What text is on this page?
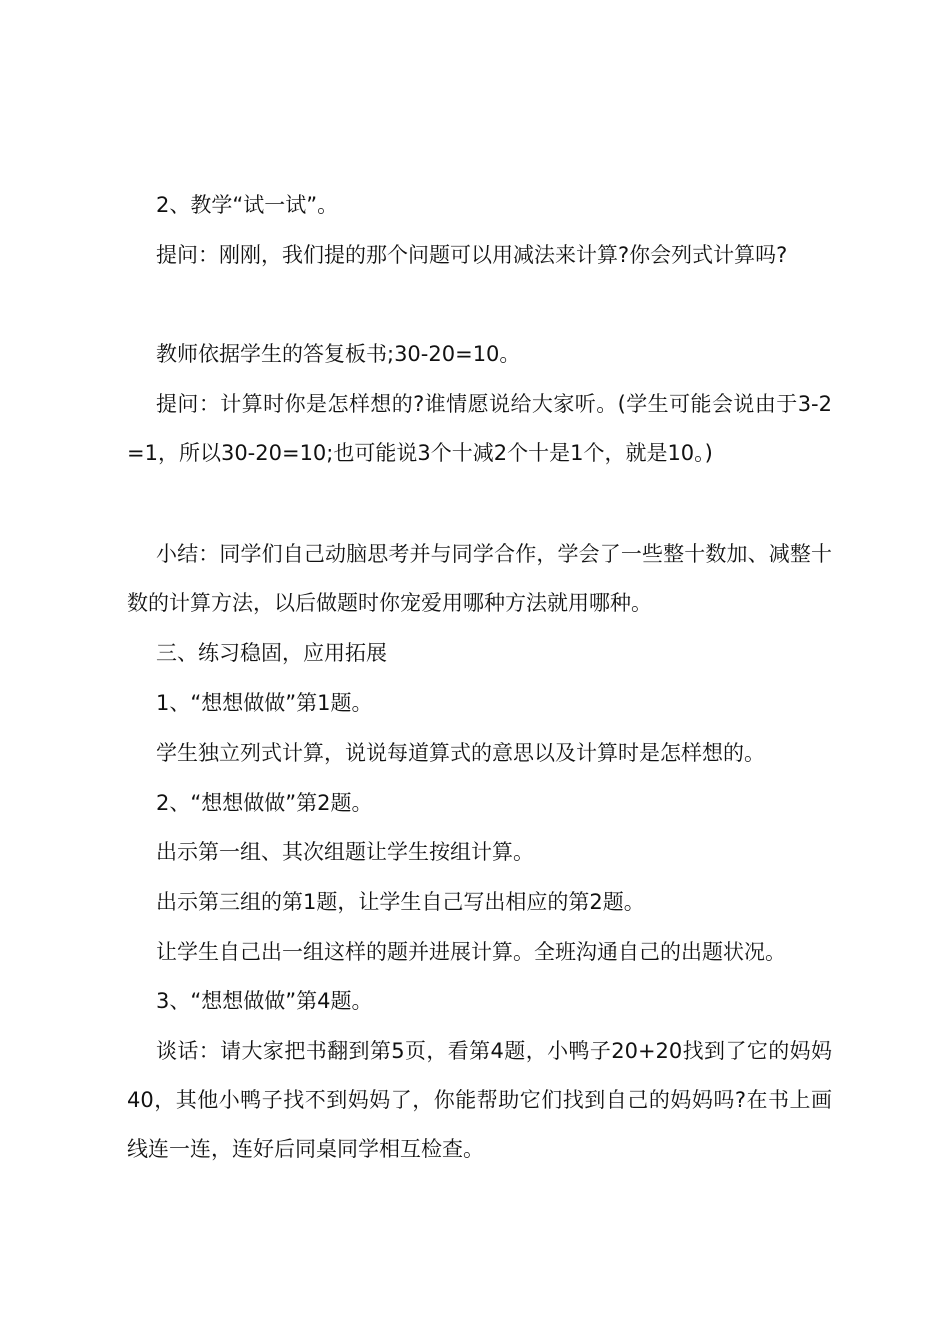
2、教学“试一试”。

提问：刚刚，我们提的那个问题可以用减法来计算?你会列式计算吗?

教师依据学生的答复板书;30-20=10。

提问：计算时你是怎样想的?谁情愿说给大家听。(学生可能会说由于3-2=1，所以30-20=10;也可能说3个十减2个十是1个，就是10。)

小结：同学们自己动脑思考并与同学合作，学会了一些整十数加、减整十数的计算方法，以后做题时你宠爱用哪种方法就用哪种。

三、练习稳固，应用拓展

1、“想想做做”第1题。

学生独立列式计算，说说每道算式的意思以及计算时是怎样想的。

2、“想想做做”第2题。

出示第一组、其次组题让学生按组计算。

出示第三组的第1题，让学生自己写出相应的第2题。

让学生自己出一组这样的题并进展计算。全班沟通自己的出题状况。

3、“想想做做”第4题。

谈话：请大家把书翻到第5页，看第4题，小鸭子20+20找到了它的妈妈40，其他小鸭子找不到妈妈了，你能帮助它们找到自己的妈妈吗?在书上画线连一连，连好后同桌同学相互检查。
